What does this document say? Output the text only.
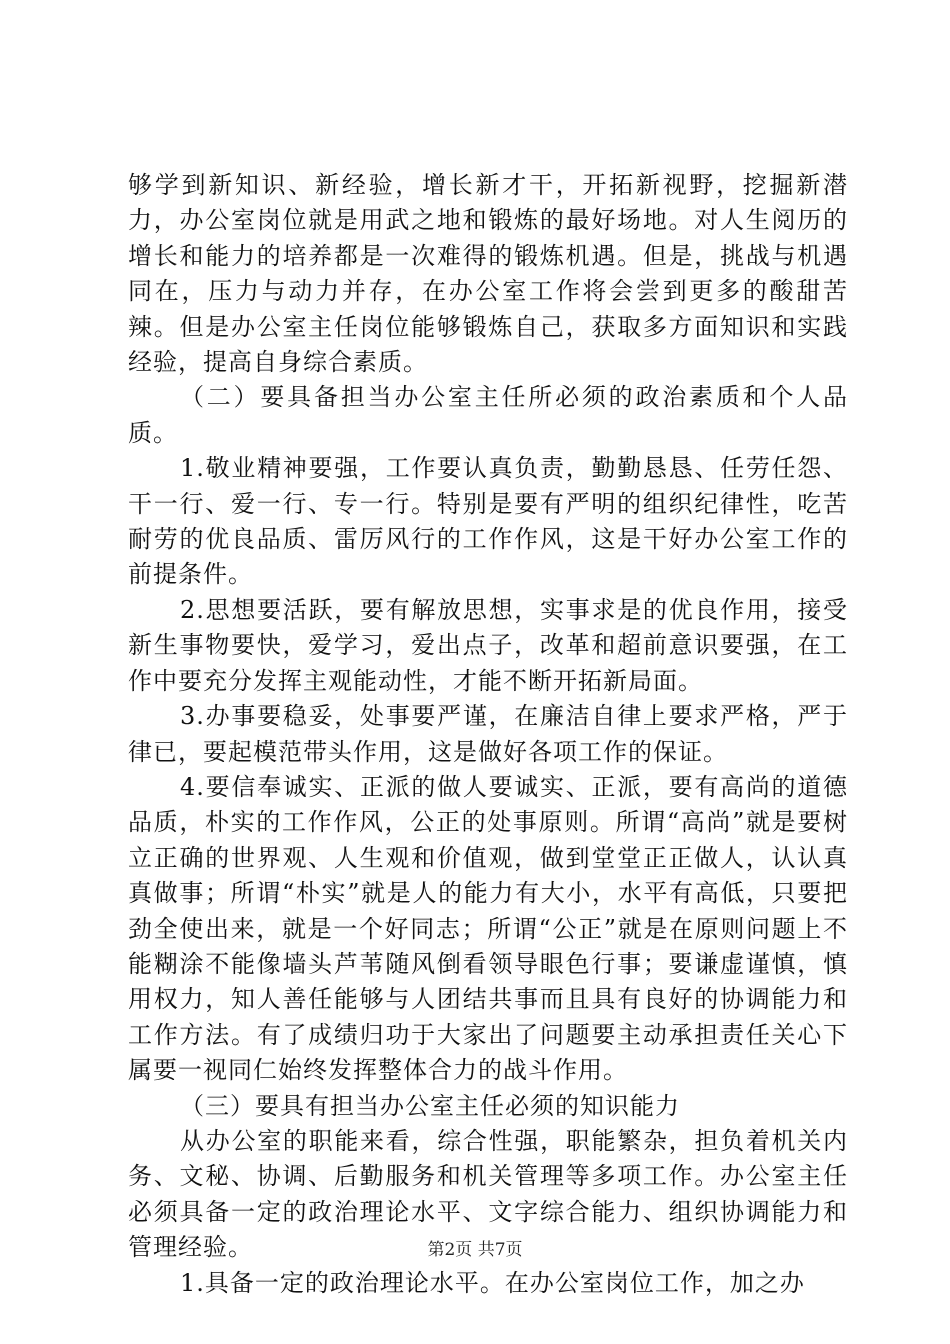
够学到新知识、新经验，增长新才干，开拓新视野，挖掘新潜力，办公室岗位就是用武之地和锻炼的最好场地。对人生阅历的增长和能力的培养都是一次难得的锻炼机遇。但是，挑战与机遇同在，压力与动力并存，在办公室工作将会尝到更多的酸甜苦辣。但是办公室主任岗位能够锻炼自己，获取多方面知识和实践经验，提高自身综合素质。

（二）要具备担当办公室主任所必须的政治素质和个人品质。

1.敬业精神要强，工作要认真负责，勤勤恳恳、任劳任怨、干一行、爱一行、专一行。特别是要有严明的组织纪律性，吃苦耐劳的优良品质、雷厉风行的工作作风，这是干好办公室工作的前提条件。

2.思想要活跃，要有解放思想，实事求是的优良作用，接受新生事物要快，爱学习，爱出点子，改革和超前意识要强，在工作中要充分发挥主观能动性，才能不断开拓新局面。

3.办事要稳妥，处事要严谨，在廉洁自律上要求严格，严于律已，要起模范带头作用，这是做好各项工作的保证。

4.要信奉诚实、正派的做人要诚实、正派，要有高尚的道德品质，朴实的工作作风，公正的处事原则。所谓“高尚”就是要树立正确的世界观、人生观和价值观，做到堂堂正正做人，认认真真做事；所谓“朴实”就是人的能力有大小，水平有高低，只要把劲全使出来，就是一个好同志；所谓“公正”就是在原则问题上不能糊涂不能像墙头芦苇随风倒看领导眼色行事；要谦虚谨慎，慎用权力，知人善任能够与人团结共事而且具有良好的协调能力和工作方法。有了成绩归功于大家出了问题要主动承担责任关心下属要一视同仁始终发挥整体合力的战斗作用。

（三）要具有担当办公室主任必须的知识能力

从办公室的职能来看，综合性强，职能繁杂，担负着机关内务、文秘、协调、后勤服务和机关管理等多项工作。办公室主任必须具备一定的政治理论水平、文字综合能力、组织协调能力和管理经验。

1.具备一定的政治理论水平。在办公室岗位工作，加之办

第2页 共7页
